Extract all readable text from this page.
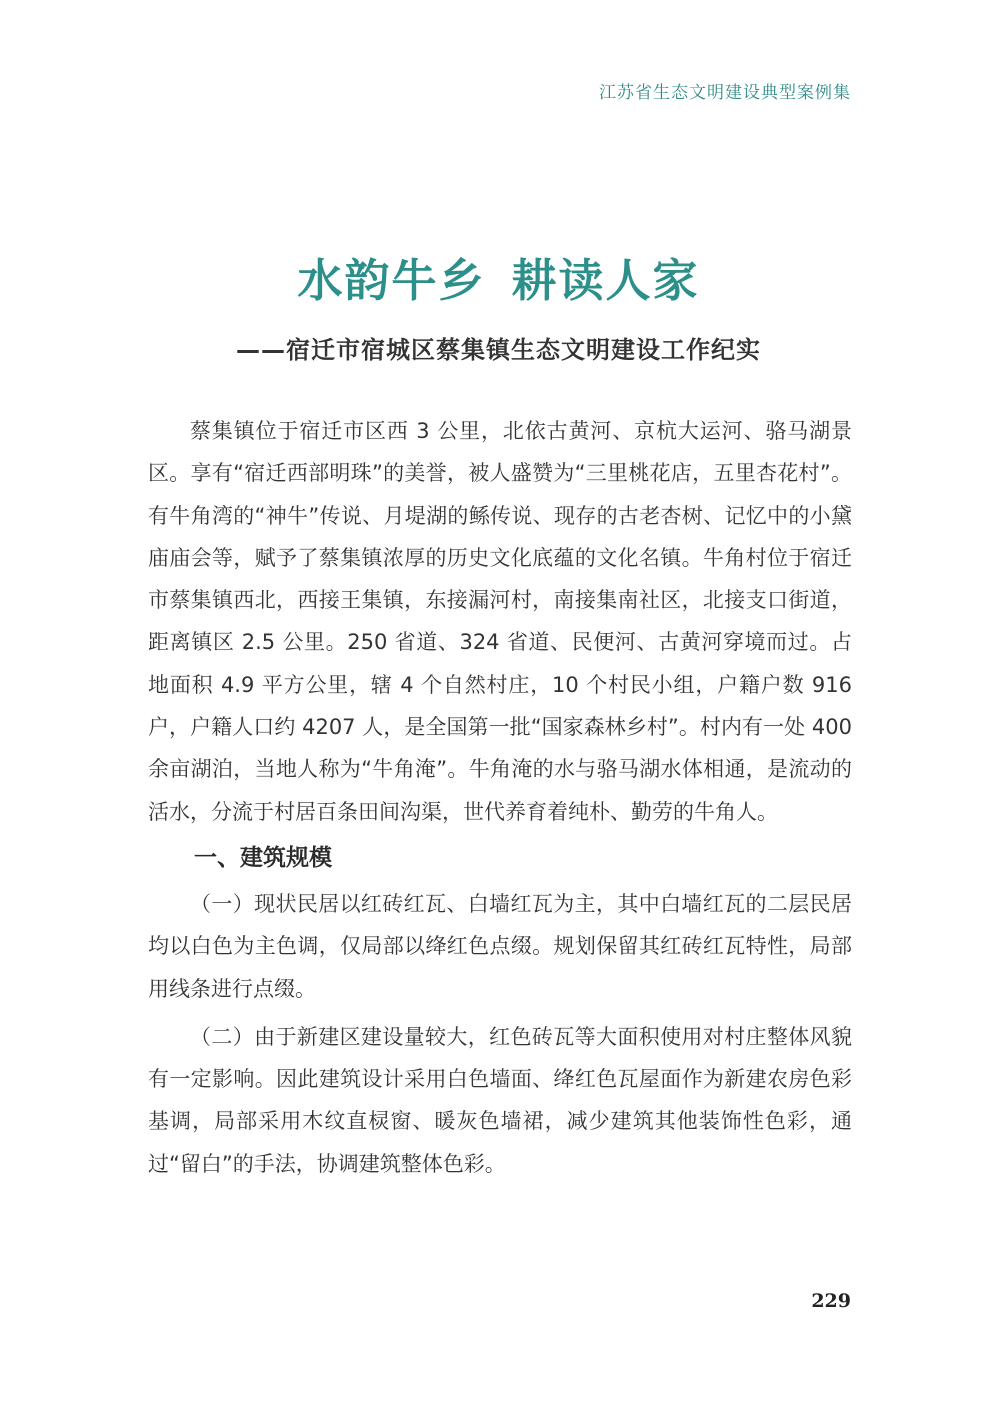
江苏省生态文明建设典型案例集
水韵牛乡 耕读人家
——宿迁市宿城区蔡集镇生态文明建设工作纪实

蔡集镇位于宿迁市区西 3 公里，北依古黄河、京杭大运河、骆马湖景区。享有“宿迁西部明珠”的美誉，被人盛赞为“三里桃花店，五里杏花村”。有牛角湾的“神牛”传说、月堤湖的鲧传说、现存的古老杏树、记忆中的小黛庙庙会等，赋予了蔡集镇浓厚的历史文化底蕴的文化名镇。牛角村位于宿迁市蔡集镇西北，西接王集镇，东接漏河村，南接集南社区，北接支口街道，距离镇区 2.5 公里。250 省道、324 省道、民便河、古黄河穿境而过。占地面积 4.9 平方公里，辖 4 个自然村庄，10 个村民小组，户籍户数 916 户，户籍人口约 4207 人，是全国第一批“国家森林乡村”。村内有一处 400 余亩湖泊，当地人称为“牛角淹”。牛角淹的水与骆马湖水体相通，是流动的活水，分流于村居百条田间沟渠，世代养育着纯朴、勤劳的牛角人。

一、建筑规模

（一）现状民居以红砖红瓦、白墙红瓦为主，其中白墙红瓦的二层民居均以白色为主色调，仅局部以绛红色点缀。规划保留其红砖红瓦特性，局部用线条进行点缀。

（二）由于新建区建设量较大，红色砖瓦等大面积使用对村庄整体风貌有一定影响。因此建筑设计采用白色墙面、绛红色瓦屋面作为新建农房色彩基调，局部采用木纹直棂窗、暖灰色墙裙，减少建筑其他装饰性色彩，通过“留白”的手法，协调建筑整体色彩。

229
